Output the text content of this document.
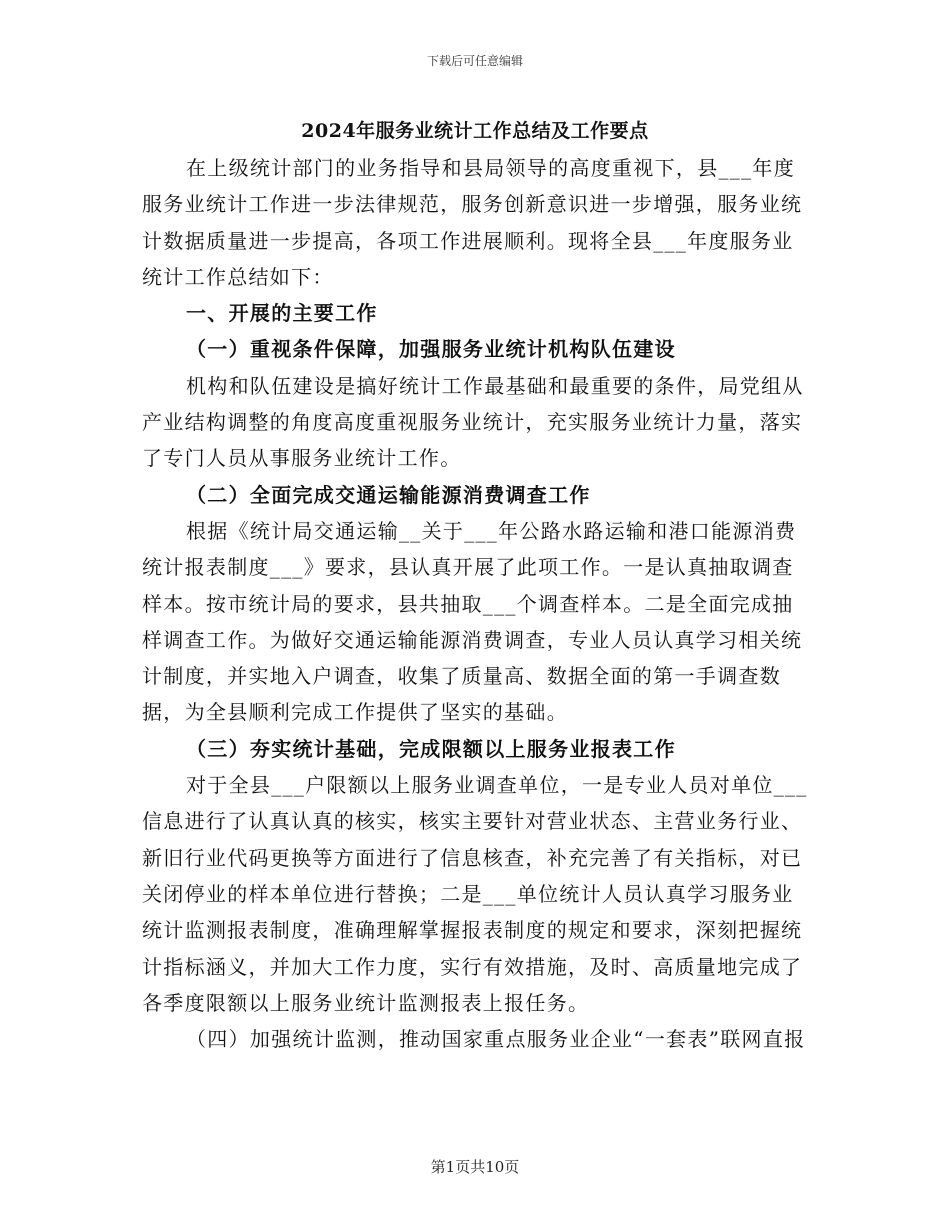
下载后可任意编辑
2024年服务业统计工作总结及工作要点

在上级统计部门的业务指导和县局领导的高度重视下，县___年度服务业统计工作进一步法律规范，服务创新意识进一步增强，服务业统计数据质量进一步提高，各项工作进展顺利。现将全县___年度服务业统计工作总结如下：

一、开展的主要工作

（一）重视条件保障，加强服务业统计机构队伍建设

机构和队伍建设是搞好统计工作最基础和最重要的条件，局党组从产业结构调整的角度高度重视服务业统计，充实服务业统计力量，落实了专门人员从事服务业统计工作。

（二）全面完成交通运输能源消费调查工作

根据《统计局交通运输__关于___年公路水路运输和港口能源消费统计报表制度___》要求，县认真开展了此项工作。一是认真抽取调查样本。按市统计局的要求，县共抽取___个调查样本。二是全面完成抽样调查工作。为做好交通运输能源消费调查，专业人员认真学习相关统计制度，并实地入户调查，收集了质量高、数据全面的第一手调查数据，为全县顺利完成工作提供了坚实的基础。

（三）夯实统计基础，完成限额以上服务业报表工作

对于全县___户限额以上服务业调查单位，一是专业人员对单位___信息进行了认真认真的核实，核实主要针对营业状态、主营业务行业、新旧行业代码更换等方面进行了信息核查，补充完善了有关指标，对已关闭停业的样本单位进行替换；二是___单位统计人员认真学习服务业统计监测报表制度，准确理解掌握报表制度的规定和要求，深刻把握统计指标涵义，并加大工作力度，实行有效措施，及时、高质量地完成了各季度限额以上服务业统计监测报表上报任务。

（四）加强统计监测，推动国家重点服务业企业“一套表”联网直报

第1页共10页
